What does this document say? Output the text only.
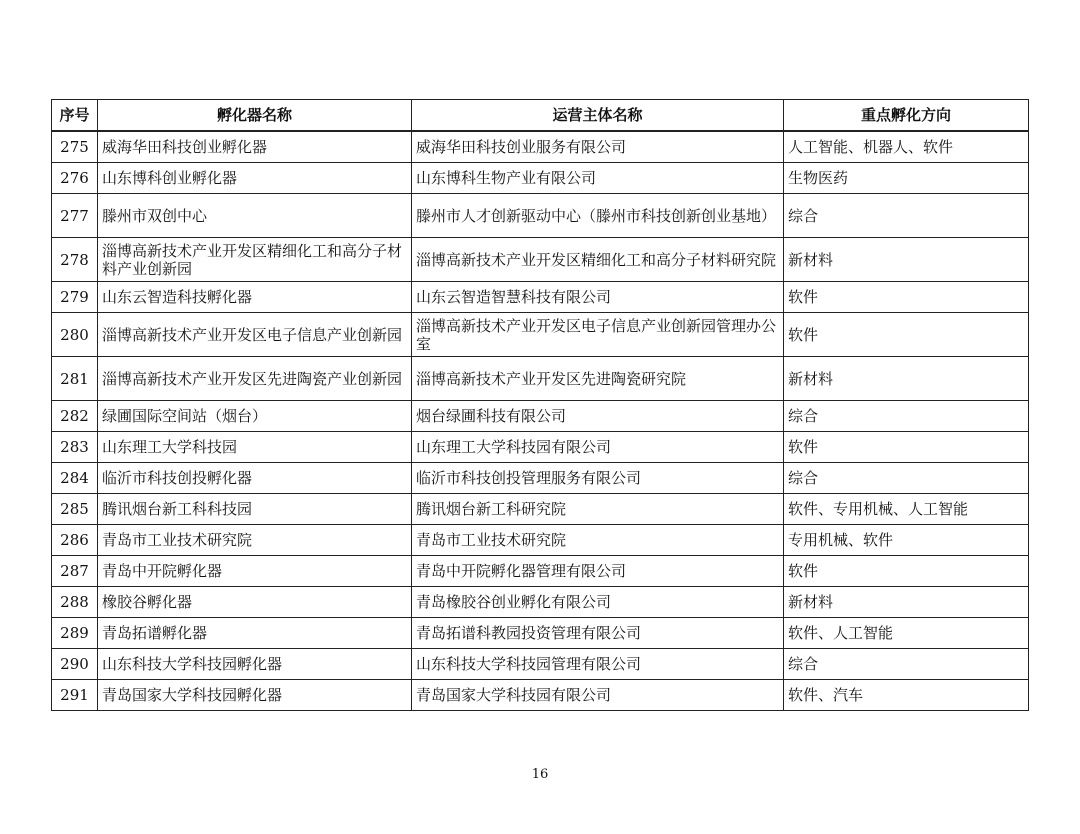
序号	孵化器名称	运营主体名称	重点孵化方向
275	威海华田科技创业孵化器	威海华田科技创业服务有限公司	人工智能、机器人、软件
276	山东博科创业孵化器	山东博科生物产业有限公司	生物医药
277	滕州市双创中心	滕州市人才创新驱动中心（滕州市科技创新创业基地）	综合
278	淄博高新技术产业开发区精细化工和高分子材料产业创新园	淄博高新技术产业开发区精细化工和高分子材料研究院	新材料
279	山东云智造科技孵化器	山东云智造智慧科技有限公司	软件
280	淄博高新技术产业开发区电子信息产业创新园	淄博高新技术产业开发区电子信息产业创新园管理办公室	软件
281	淄博高新技术产业开发区先进陶瓷产业创新园	淄博高新技术产业开发区先进陶瓷研究院	新材料
282	绿圃国际空间站（烟台）	烟台绿圃科技有限公司	综合
283	山东理工大学科技园	山东理工大学科技园有限公司	软件
284	临沂市科技创投孵化器	临沂市科技创投管理服务有限公司	综合
285	腾讯烟台新工科科技园	腾讯烟台新工科研究院	软件、专用机械、人工智能
286	青岛市工业技术研究院	青岛市工业技术研究院	专用机械、软件
287	青岛中开院孵化器	青岛中开院孵化器管理有限公司	软件
288	橡胶谷孵化器	青岛橡胶谷创业孵化有限公司	新材料
289	青岛拓谱孵化器	青岛拓谱科教园投资管理有限公司	软件、人工智能
290	山东科技大学科技园孵化器	山东科技大学科技园管理有限公司	综合
291	青岛国家大学科技园孵化器	青岛国家大学科技园有限公司	软件、汽车
16
